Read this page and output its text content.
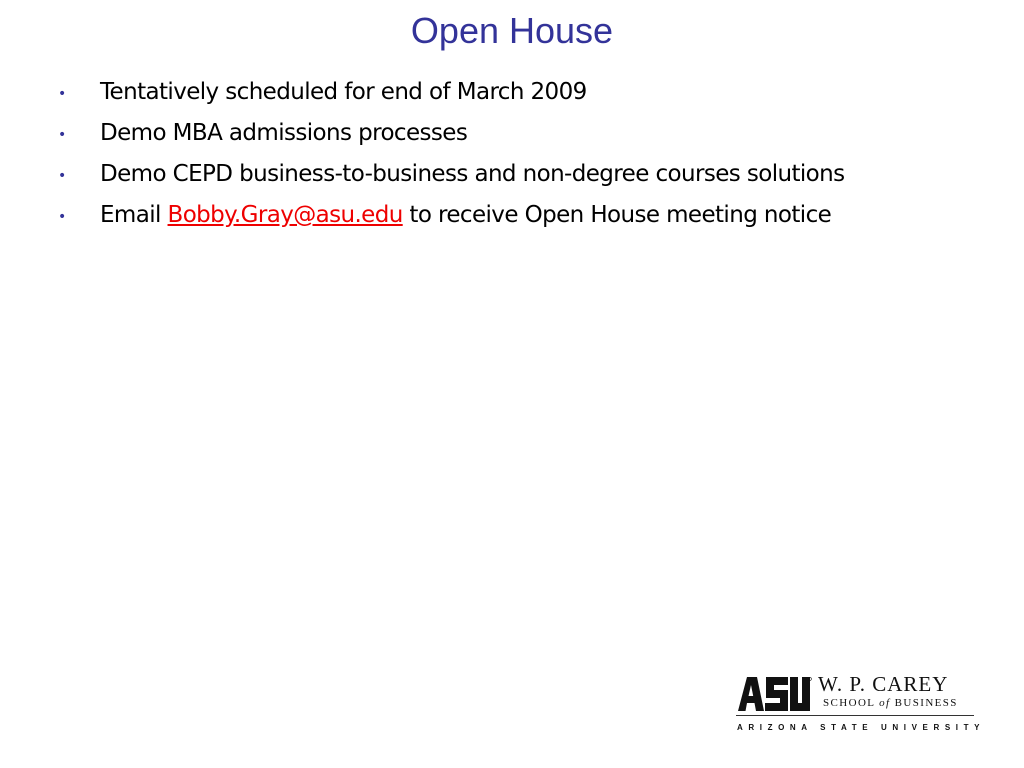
Open House
• Tentatively scheduled for end of March 2009
• Demo MBA admissions processes
• Demo CEPD business-to-business and non-degree courses solutions
• Email Bobby.Gray@asu.edu to receive Open House meeting notice
W. P. CAREY
SCHOOL of BUSINESS
ARIZONA STATE UNIVERSITY
